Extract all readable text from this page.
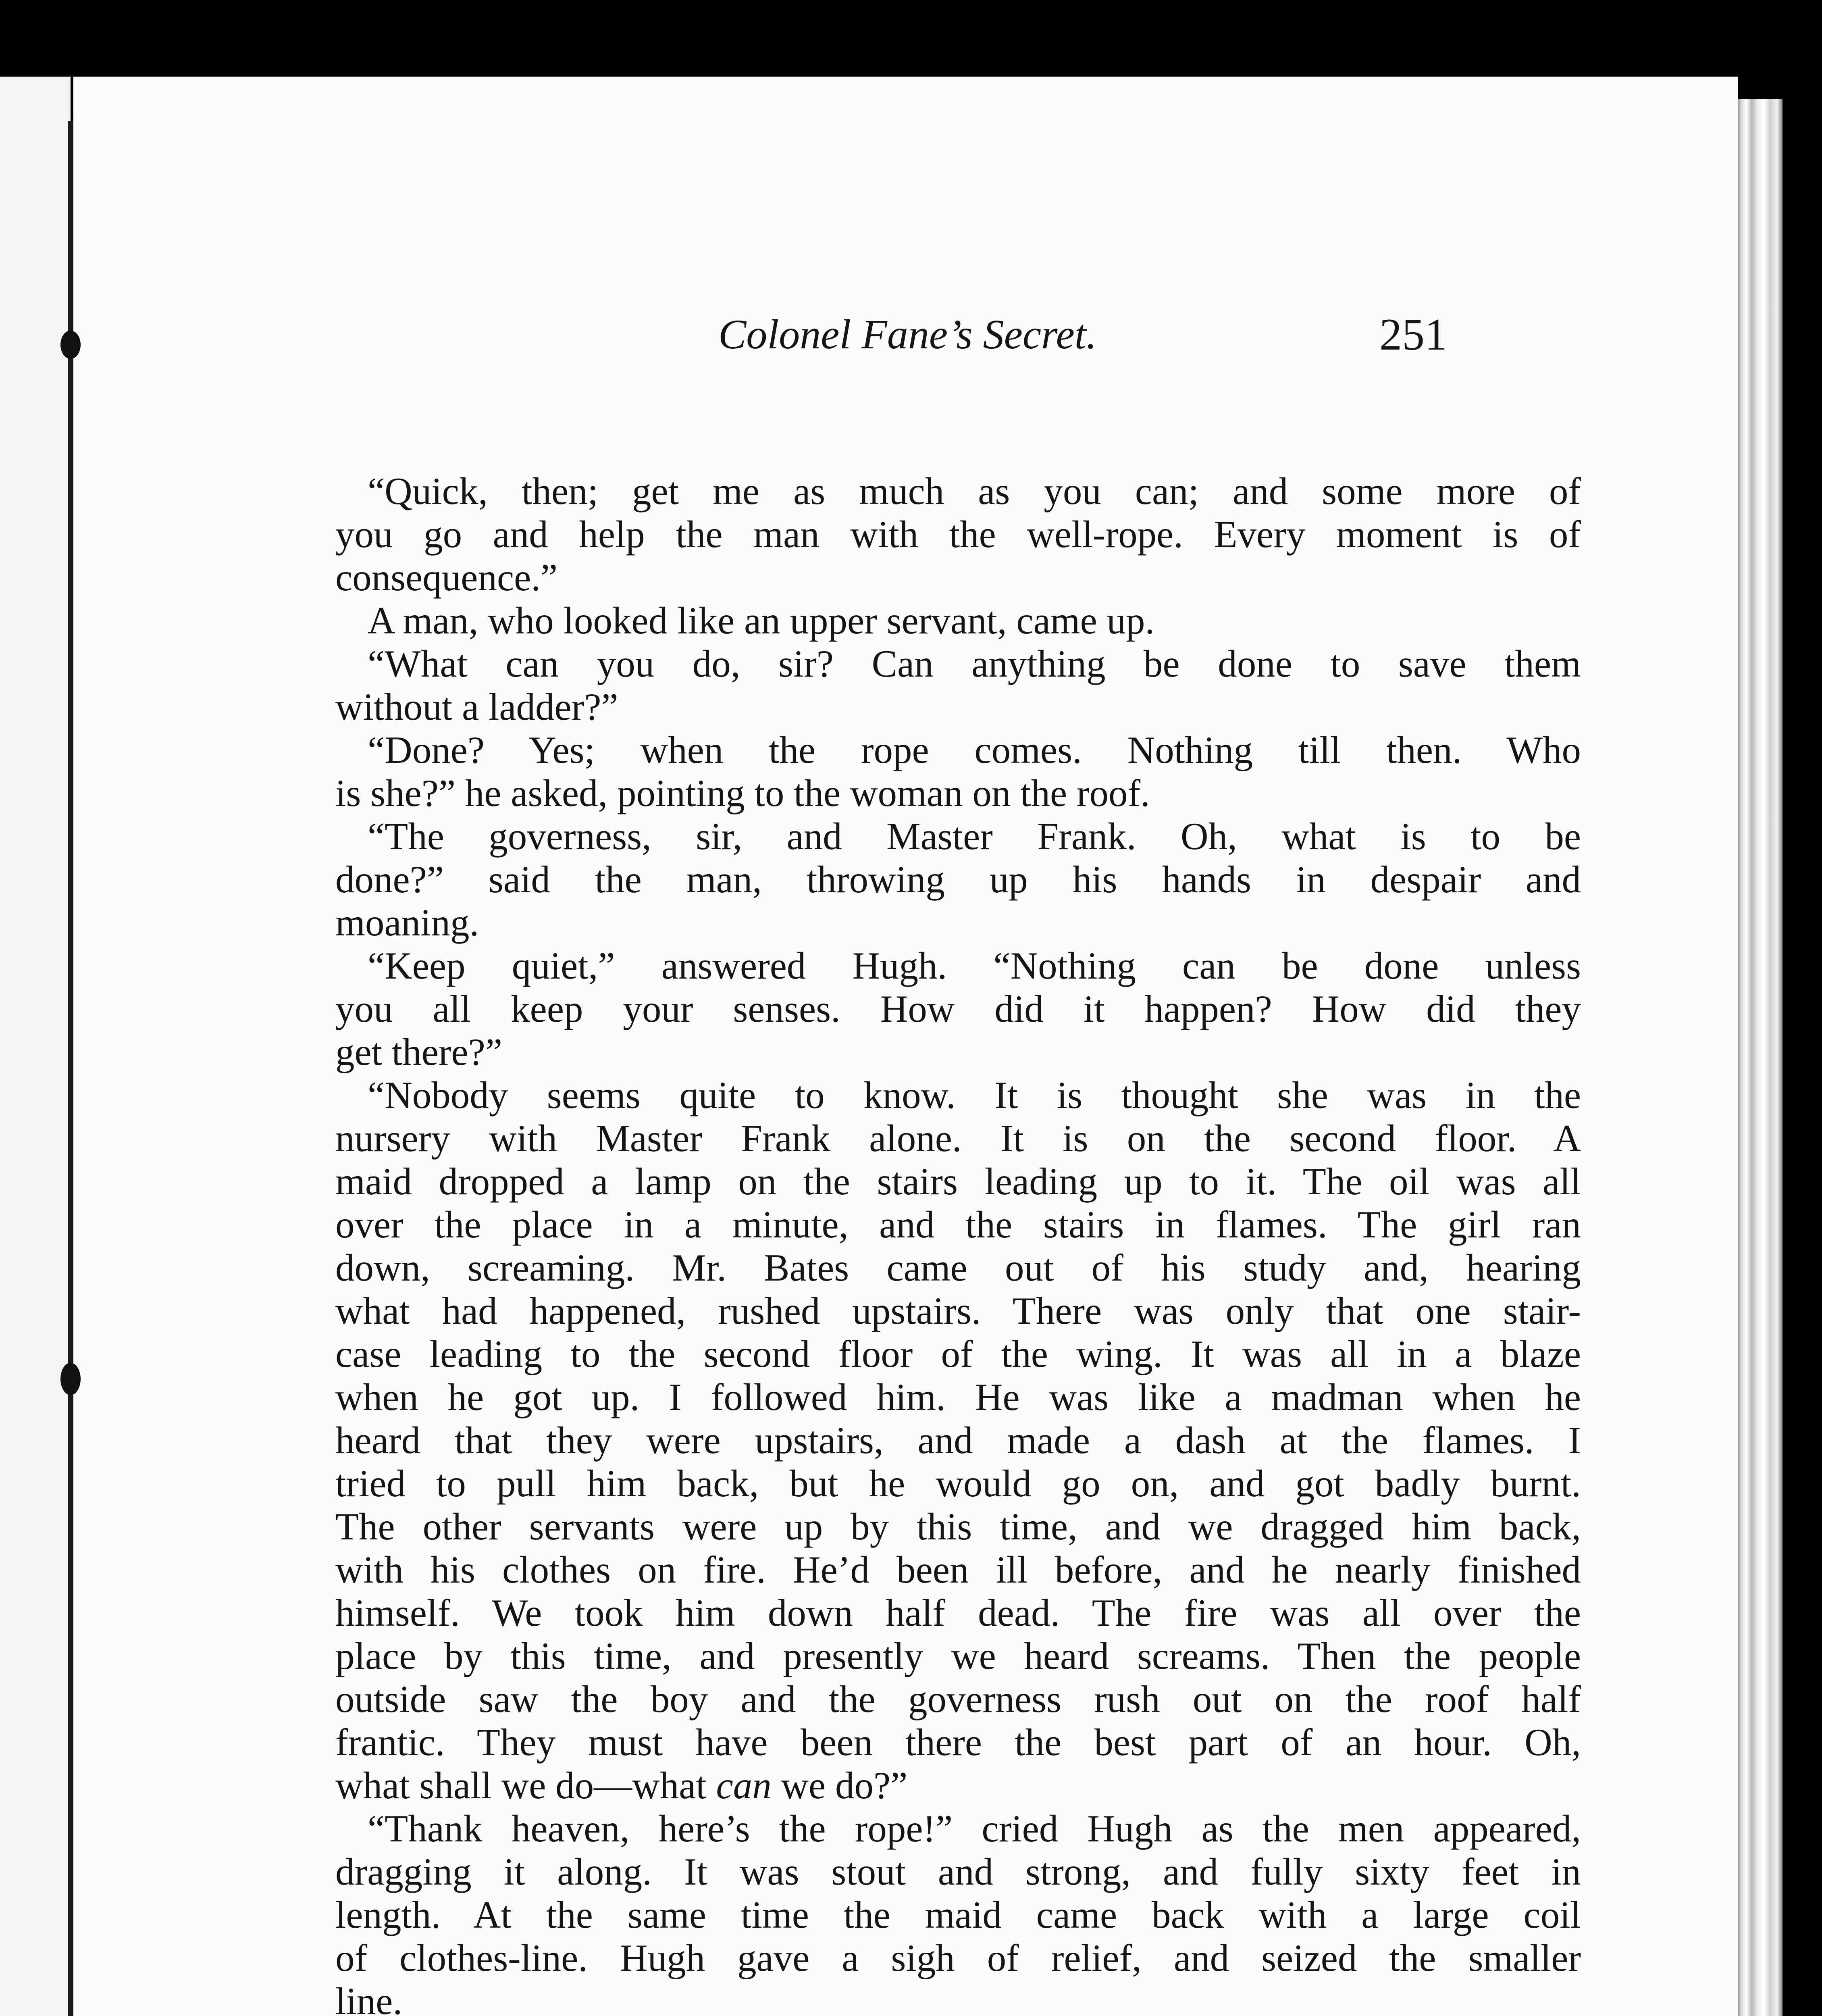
Colonel Fane’s Secret.	251
“Quick, then; get me as much as you can; and some more of
you go and help the man with the well-rope. Every moment is of
consequence.”
A man, who looked like an upper servant, came up.
“What can you do, sir? Can anything be done to save them
without a ladder?”
“Done? Yes; when the rope comes. Nothing till then. Who
is she?” he asked, pointing to the woman on the roof.
“The governess, sir, and Master Frank. Oh, what is to be
done?” said the man, throwing up his hands in despair and
moaning.
“Keep quiet,” answered Hugh. “Nothing can be done unless
you all keep your senses. How did it happen? How did they
get there?”
“Nobody seems quite to know. It is thought she was in the
nursery with Master Frank alone. It is on the second floor. A
maid dropped a lamp on the stairs leading up to it. The oil was all
over the place in a minute, and the stairs in flames. The girl ran
down, screaming. Mr. Bates came out of his study and, hearing
what had happened, rushed upstairs. There was only that one stair-
case leading to the second floor of the wing. It was all in a blaze
when he got up. I followed him. He was like a madman when he
heard that they were upstairs, and made a dash at the flames. I
tried to pull him back, but he would go on, and got badly burnt.
The other servants were up by this time, and we dragged him back,
with his clothes on fire. He’d been ill before, and he nearly finished
himself. We took him down half dead. The fire was all over the
place by this time, and presently we heard screams. Then the people
outside saw the boy and the governess rush out on the roof half
frantic. They must have been there the best part of an hour. Oh,
what shall we do—what can we do?”
“Thank heaven, here’s the rope!” cried Hugh as the men appeared,
dragging it along. It was stout and strong, and fully sixty feet in
length. At the same time the maid came back with a large coil
of clothes-line. Hugh gave a sigh of relief, and seized the smaller
line.
